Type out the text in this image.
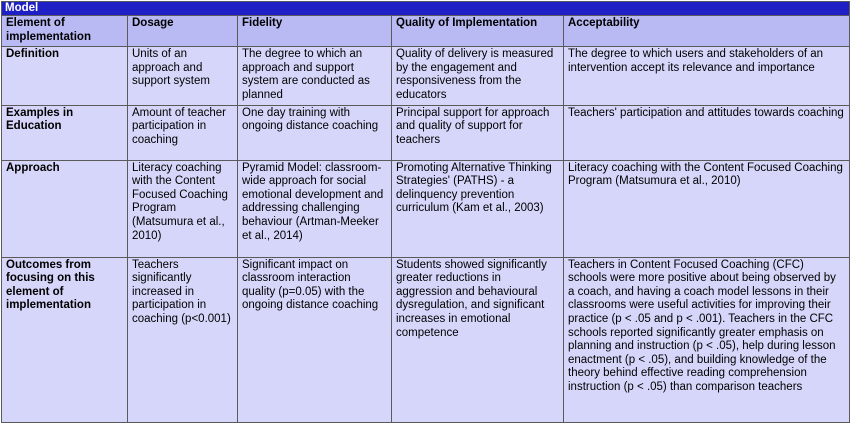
Model				
Element of implementation	Dosage	Fidelity	Quality of Implementation	Acceptability
Definition	Units of an approach and support system	The degree to which an approach and support system are conducted as planned	Quality of delivery is measured by the engagement and responsiveness from the educators	The degree to which users and stakeholders of an intervention accept its relevance and importance
Examples in Education	Amount of teacher participation in coaching	One day training with ongoing distance coaching	Principal support for approach and quality of support for teachers	Teachers' participation and attitudes towards coaching
Approach	Literacy coaching with the Content Focused Coaching Program (Matsumura et al., 2010)	Pyramid Model: classroom-wide approach for social emotional development and addressing challenging behaviour (Artman-Meeker et al., 2014)	Promoting Alternative Thinking Strategies' (PATHS) - a delinquency prevention curriculum (Kam et al., 2003)	Literacy coaching with the Content Focused Coaching Program (Matsumura et al., 2010)
Outcomes from focusing on this element of implementation	Teachers significantly increased in participation in coaching (p<0.001)	Significant impact on classroom interaction quality (p=0.05) with the ongoing distance coaching	Students showed significantly greater reductions in aggression and behavioural dysregulation, and significant increases in emotional competence	Teachers in Content Focused Coaching (CFC) schools were more positive about being observed by a coach, and having a coach model lessons in their classrooms were useful activities for improving their practice (p < .05 and p < .001). Teachers in the CFC schools reported significantly greater emphasis on planning and instruction (p < .05), help during lesson enactment (p < .05), and building knowledge of the theory behind effective reading comprehension instruction (p < .05) than comparison teachers
